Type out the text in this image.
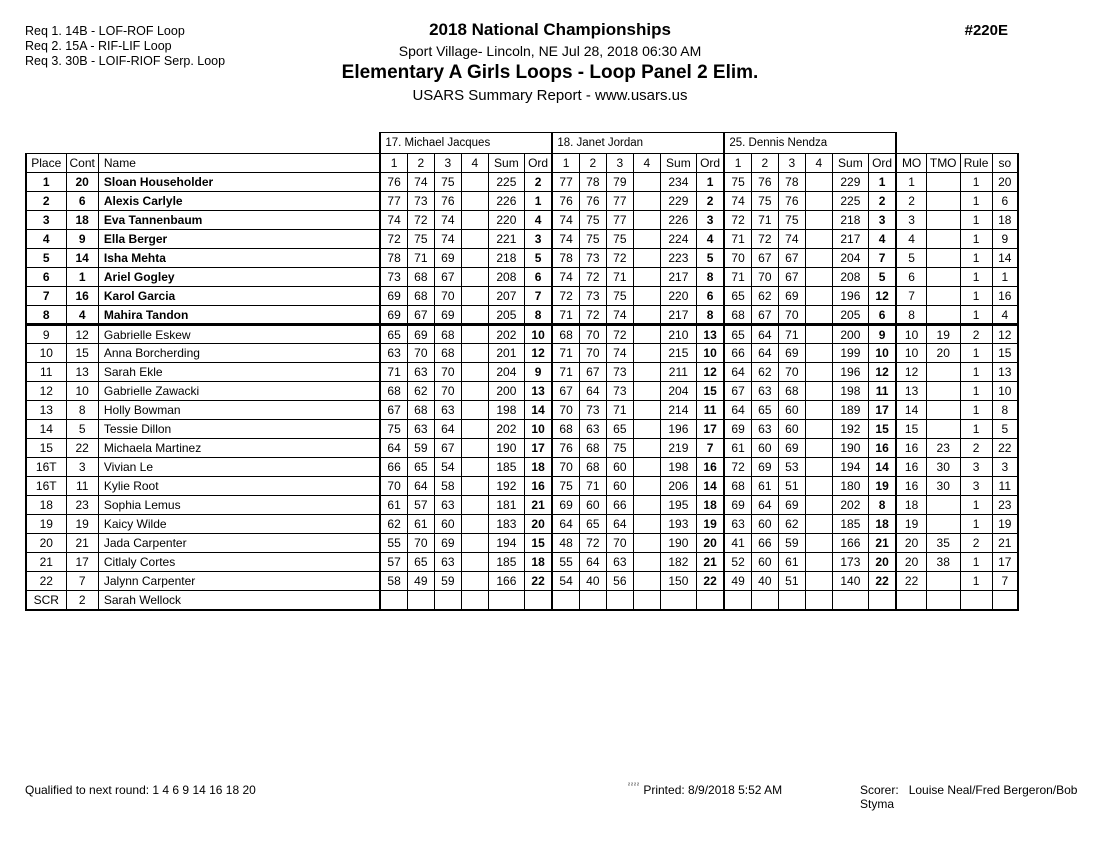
Req 1. 14B - LOF-ROF Loop
Req 2. 15A - RIF-LIF Loop
Req 3. 30B - LOIF-RIOF Serp. Loop
#220E
2018 National Championships
Sport Village- Lincoln, NE Jul 28, 2018 06:30 AM
Elementary A Girls Loops - Loop Panel 2 Elim.
USARS Summary Report - www.usars.us
			17. Michael Jacques						18. Janet Jordan						25. Dennis Nendza									
Place	Cont	Name	1	2	3	4	Sum	Ord	1	2	3	4	Sum	Ord	1	2	3	4	Sum	Ord	MO	TMO	Rule	so
1	20	Sloan Householder	76	74	75		225	2	77	78	79		234	1	75	76	78		229	1	1		1	20
2	6	Alexis Carlyle	77	73	76		226	1	76	76	77		229	2	74	75	76		225	2	2		1	6
3	18	Eva Tannenbaum	74	72	74		220	4	74	75	77		226	3	72	71	75		218	3	3		1	18
4	9	Ella Berger	72	75	74		221	3	74	75	75		224	4	71	72	74		217	4	4		1	9
5	14	Isha Mehta	78	71	69		218	5	78	73	72		223	5	70	67	67		204	7	5		1	14
6	1	Ariel Gogley	73	68	67		208	6	74	72	71		217	8	71	70	67		208	5	6		1	1
7	16	Karol Garcia	69	68	70		207	7	72	73	75		220	6	65	62	69		196	12	7		1	16
8	4	Mahira Tandon	69	67	69		205	8	71	72	74		217	8	68	67	70		205	6	8		1	4
9	12	Gabrielle Eskew	65	69	68		202	10	68	70	72		210	13	65	64	71		200	9	10	19	2	12
10	15	Anna Borcherding	63	70	68		201	12	71	70	74		215	10	66	64	69		199	10	10	20	1	15
11	13	Sarah Ekle	71	63	70		204	9	71	67	73		211	12	64	62	70		196	12	12		1	13
12	10	Gabrielle Zawacki	68	62	70		200	13	67	64	73		204	15	67	63	68		198	11	13		1	10
13	8	Holly Bowman	67	68	63		198	14	70	73	71		214	11	64	65	60		189	17	14		1	8
14	5	Tessie Dillon	75	63	64		202	10	68	63	65		196	17	69	63	60		192	15	15		1	5
15	22	Michaela Martinez	64	59	67		190	17	76	68	75		219	7	61	60	69		190	16	16	23	2	22
16T	3	Vivian Le	66	65	54		185	18	70	68	60		198	16	72	69	53		194	14	16	30	3	3
16T	11	Kylie Root	70	64	58		192	16	75	71	60		206	14	68	61	51		180	19	16	30	3	11
18	23	Sophia Lemus	61	57	63		181	21	69	60	66		195	18	69	64	69		202	8	18		1	23
19	19	Kaicy Wilde	62	61	60		183	20	64	65	64		193	19	63	60	62		185	18	19		1	19
20	21	Jada Carpenter	55	70	69		194	15	48	72	70		190	20	41	66	59		166	21	20	35	2	21
21	17	Citlaly Cortes	57	65	63		185	18	55	64	63		182	21	52	60	61		173	20	20	38	1	17
22	7	Jalynn Carpenter	58	49	59		166	22	54	40	56		150	22	49	40	51		140	22	22		1	7
SCR	2	Sarah Wellock																						
Qualified to next round: 1 4 6 9 14 16 18 20	$^{^{2222}}$ Printed: 8/9/2018 5:52 AM	Scorer: Louise Neal/Fred Bergeron/Bob Styma
